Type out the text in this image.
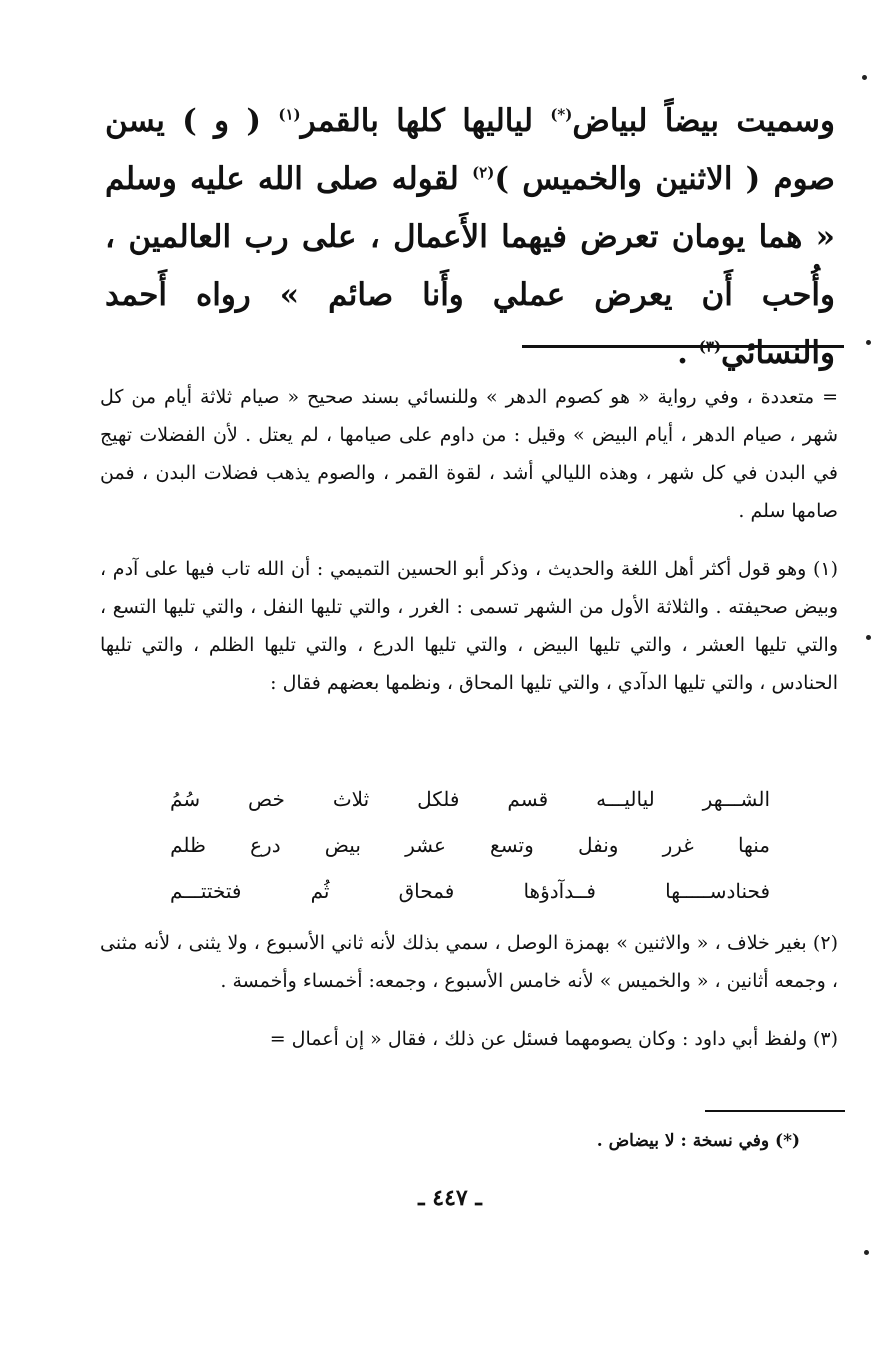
وسميت بيضاً لبياض(*) لياليها كلها بالقمر$^{(١)}$ ( و ) يسن صوم ( الاثنين والخميس )$^{(٢)}$ لقوله صلى الله عليه وسلم « هما يومان تعرض فيهما الأَعمال ، على رب العالمين ، وأُحب أَن يعرض عملي وأَنا صائم » رواه أَحمد والنسائي$^{(٣)}$ .

= متعددة ، وفي رواية « هو كصوم الدهر » وللنسائي بسند صحيح « صيام ثلاثة أيام من كل شهر ، صيام الدهر ، أيام البيض » وقيل : من داوم على صيامها ، لم يعتل . لأن الفضلات تهيج في البدن في كل شهر ، وهذه الليالي أشد ، لقوة القمر ، والصوم يذهب فضلات البدن ، فمن صامها سلم .

(١) وهو قول أكثر أهل اللغة والحديث ، وذكر أبو الحسين التميمي : أن الله تاب فيها على آدم ، وبيض صحيفته . والثلاثة الأول من الشهر تسمى : الغرر ، والتي تليها النفل ، والتي تليها التسع ، والتي تليها العشر ، والتي تليها البيض ، والتي تليها الدرع ، والتي تليها الظلم ، والتي تليها الحنادس ، والتي تليها الدآدي ، والتي تليها المحاق ، ونظمها بعضهم فقال :

الشـــهر
لياليـــه
قسم
فلكل
ثلاث
خص
سُمُ
منها
غرر
ونفل
وتسع
عشر
بيض
درع
ظلم
فحنادســـــها
فــدآدؤها
فمحاق
ثُم
فتختتـــم

(٢) بغير خلاف ، « والاثنين » بهمزة الوصل ، سمي بذلك لأنه ثاني الأسبوع ، ولا يثنى ، لأنه مثنى ، وجمعه أثانين ، « والخميس » لأنه خامس الأسبوع ، وجمعه: أخمساء وأخمسة .

(٣) ولفظ أبي داود : وكان يصومهما فسئل عن ذلك ، فقال « إن أعمال =

(*) وفي نسخة : لا بيضاض .
ـ ٤٤٧ ـ
